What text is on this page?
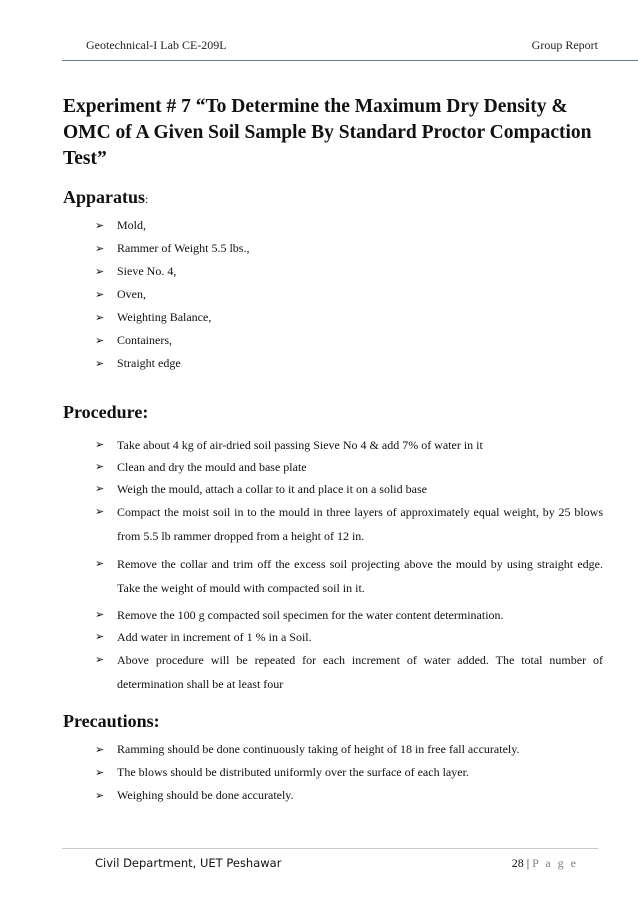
Geotechnical-I Lab CE-209L	Group Report
Experiment # 7 “To Determine the Maximum Dry Density & OMC of A Given Soil Sample By Standard Proctor Compaction Test”
Apparatus:
➢ Mold,
➢ Rammer of Weight 5.5 lbs.,
➢ Sieve No. 4,
➢ Oven,
➢ Weighting Balance,
➢ Containers,
➢ Straight edge
Procedure:
➢ Take about 4 kg of air-dried soil passing Sieve No 4 & add 7% of water in it
➢ Clean and dry the mould and base plate
➢ Weigh the mould, attach a collar to it and place it on a solid base
➢ Compact the moist soil in to the mould in three layers of approximately equal weight, by 25 blows from 5.5 lb rammer dropped from a height of 12 in.
➢ Remove the collar and trim off the excess soil projecting above the mould by using straight edge. Take the weight of mould with compacted soil in it.
➢ Remove the 100 g compacted soil specimen for the water content determination.
➢ Add water in increment of 1 % in a Soil.
➢ Above procedure will be repeated for each increment of water added. The total number of determination shall be at least four
Precautions:
➢ Ramming should be done continuously taking of height of 18 in free fall accurately.
➢ The blows should be distributed uniformly over the surface of each layer.
➢ Weighing should be done accurately.
Civil Department, UET Peshawar	28 | P a g e
